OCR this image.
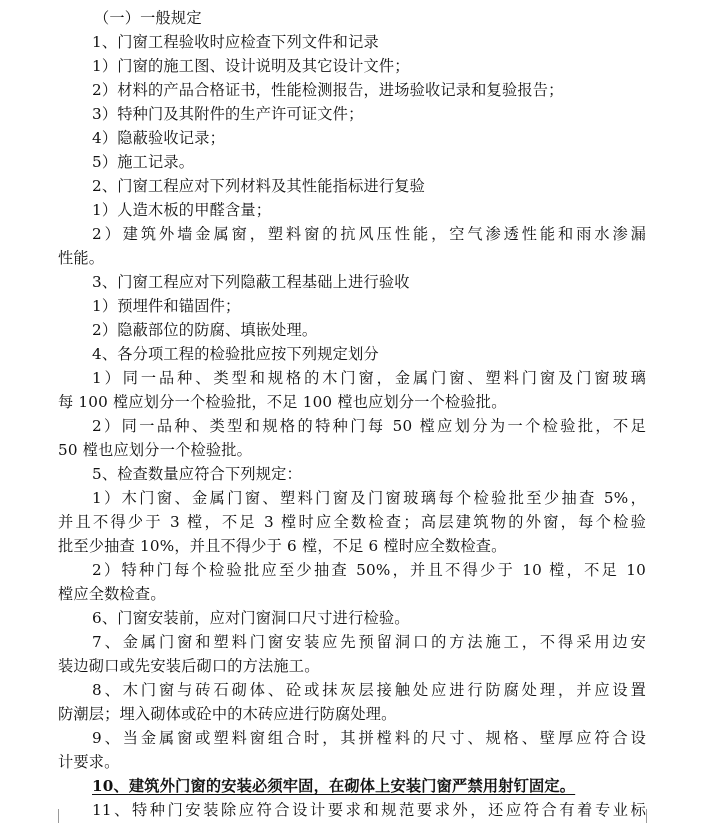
（一）一般规定
1、门窗工程验收时应检查下列文件和记录
1）门窗的施工图、设计说明及其它设计文件；
2）材料的产品合格证书，性能检测报告，进场验收记录和复验报告；
3）特种门及其附件的生产许可证文件；
4）隐蔽验收记录；
5）施工记录。
2、门窗工程应对下列材料及其性能指标进行复验
1）人造木板的甲醛含量；
2）建筑外墙金属窗，塑料窗的抗风压性能，空气渗透性能和雨水渗漏
性能。
3、门窗工程应对下列隐蔽工程基础上进行验收
1）预埋件和锚固件；
2）隐蔽部位的防腐、填嵌处理。
4、各分项工程的检验批应按下列规定划分
1）同一品种、类型和规格的木门窗，金属门窗、塑料门窗及门窗玻璃
每 100 樘应划分一个检验批，不足 100 樘也应划分一个检验批。
2）同一品种、类型和规格的特种门每 50 樘应划分为一个检验批，不足
50 樘也应划分一个检验批。
5、检查数量应符合下列规定：
1）木门窗、金属门窗、塑料门窗及门窗玻璃每个检验批至少抽查 5%，
并且不得少于 3 樘，不足 3 樘时应全数检查；高层建筑物的外窗，每个检验
批至少抽查 10%，并且不得少于 6 樘，不足 6 樘时应全数检查。
2）特种门每个检验批应至少抽查 50%，并且不得少于 10 樘，不足 10
樘应全数检查。
6、门窗安装前，应对门窗洞口尺寸进行检验。
7、金属门窗和塑料门窗安装应先预留洞口的方法施工，不得采用边安
装边砌口或先安装后砌口的方法施工。
8、木门窗与砖石砌体、砼或抹灰层接触处应进行防腐处理，并应设置
防潮层；埋入砌体或砼中的木砖应进行防腐处理。
9、当金属窗或塑料窗组合时，其拼樘料的尺寸、规格、壁厚应符合设
计要求。
10、建筑外门窗的安装必须牢固，在砌体上安装门窗严禁用射钉固定。
11、特种门安装除应符合设计要求和规范要求外，还应符合有着专业标
